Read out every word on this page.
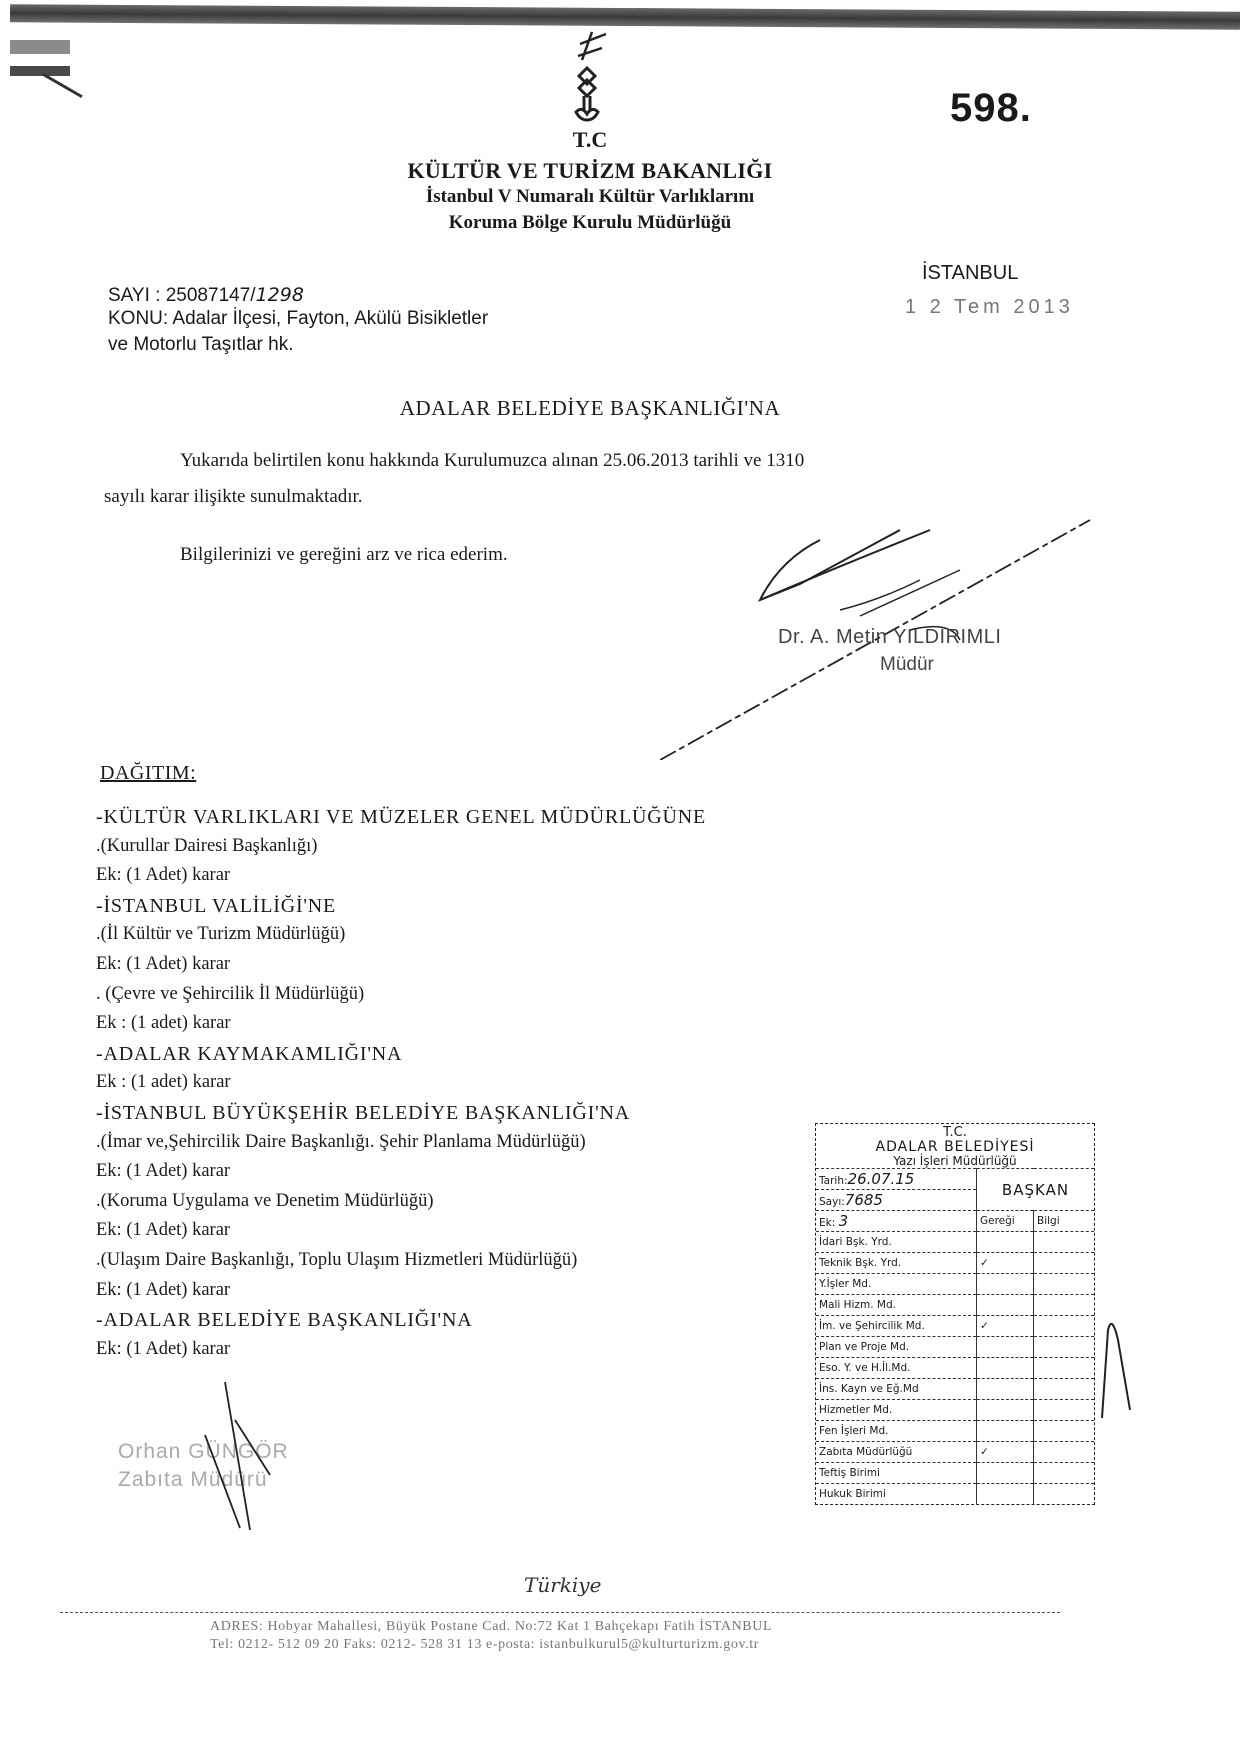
598.
T.C
KÜLTÜR VE TURİZM BAKANLIĞI
İstanbul V Numaralı Kültür Varlıklarını
Koruma Bölge Kurulu Müdürlüğü
SAYI : 25087147/1298
KONU: Adalar İlçesi, Fayton, Akülü Bisikletler
ve Motorlu Taşıtlar hk.
İSTANBUL
1 2 Tem 2013
ADALAR BELEDİYE BAŞKANLIĞI'NA
Yukarıda belirtilen konu hakkında Kurulumuzca alınan 25.06.2013 tarihli ve 1310
sayılı karar ilişikte sunulmaktadır.
Bilgilerinizi ve gereğini arz ve rica ederim.
Dr. A. Metin YILDIRIMLI
Müdür
DAĞITIM:
-KÜLTÜR VARLIKLARI VE MÜZELER GENEL MÜDÜRLÜĞÜNE
.(Kurullar Dairesi Başkanlığı)
Ek: (1 Adet) karar
-İSTANBUL VALİLİĞİ'NE
.(İl Kültür ve Turizm Müdürlüğü)
Ek: (1 Adet) karar
. (Çevre ve Şehircilik İl Müdürlüğü)
Ek : (1 adet) karar
-ADALAR KAYMAKAMLIĞI'NA
Ek : (1 adet) karar
-İSTANBUL BÜYÜKŞEHİR BELEDİYE BAŞKANLIĞI'NA
.(İmar ve,Şehircilik Daire Başkanlığı. Şehir Planlama Müdürlüğü)
Ek: (1 Adet) karar
.(Koruma Uygulama ve Denetim Müdürlüğü)
Ek: (1 Adet) karar
.(Ulaşım Daire Başkanlığı, Toplu Ulaşım Hizmetleri Müdürlüğü)
Ek: (1 Adet) karar
-ADALAR BELEDİYE BAŞKANLIĞI'NA
Ek: (1 Adet) karar
Orhan GÜNGÖR
Zabıta Müdürü
T.C.
ADALAR BELEDİYESİ
Yazı İşleri Müdürlüğü
Tarih:26.07.15	BAŞKAN	
Sayı:7685		
Ek: 3	Gereği	Bilgi
İdari Bşk. Yrd.		
Teknik Bşk. Yrd.	✓	
Y.İşler Md.		
Mali Hizm. Md.		
İm. ve Şehircilik Md.	✓	
Plan ve Proje Md.		
Eso. Y. ve H.İl.Md.		
İns. Kayn ve Eğ.Md		
Hizmetler Md.		
Fen İşleri Md.		
Zabıta Müdürlüğü	✓	
Teftiş Birimi		
Hukuk Birimi		
Türkiye
ADRES: Hobyar Mahallesi, Büyük Postane Cad. No:72 Kat 1 Bahçekapı Fatih İSTANBUL
Tel: 0212- 512 09 20 Faks: 0212- 528 31 13 e-posta: istanbulkurul5@kulturturizm.gov.tr
